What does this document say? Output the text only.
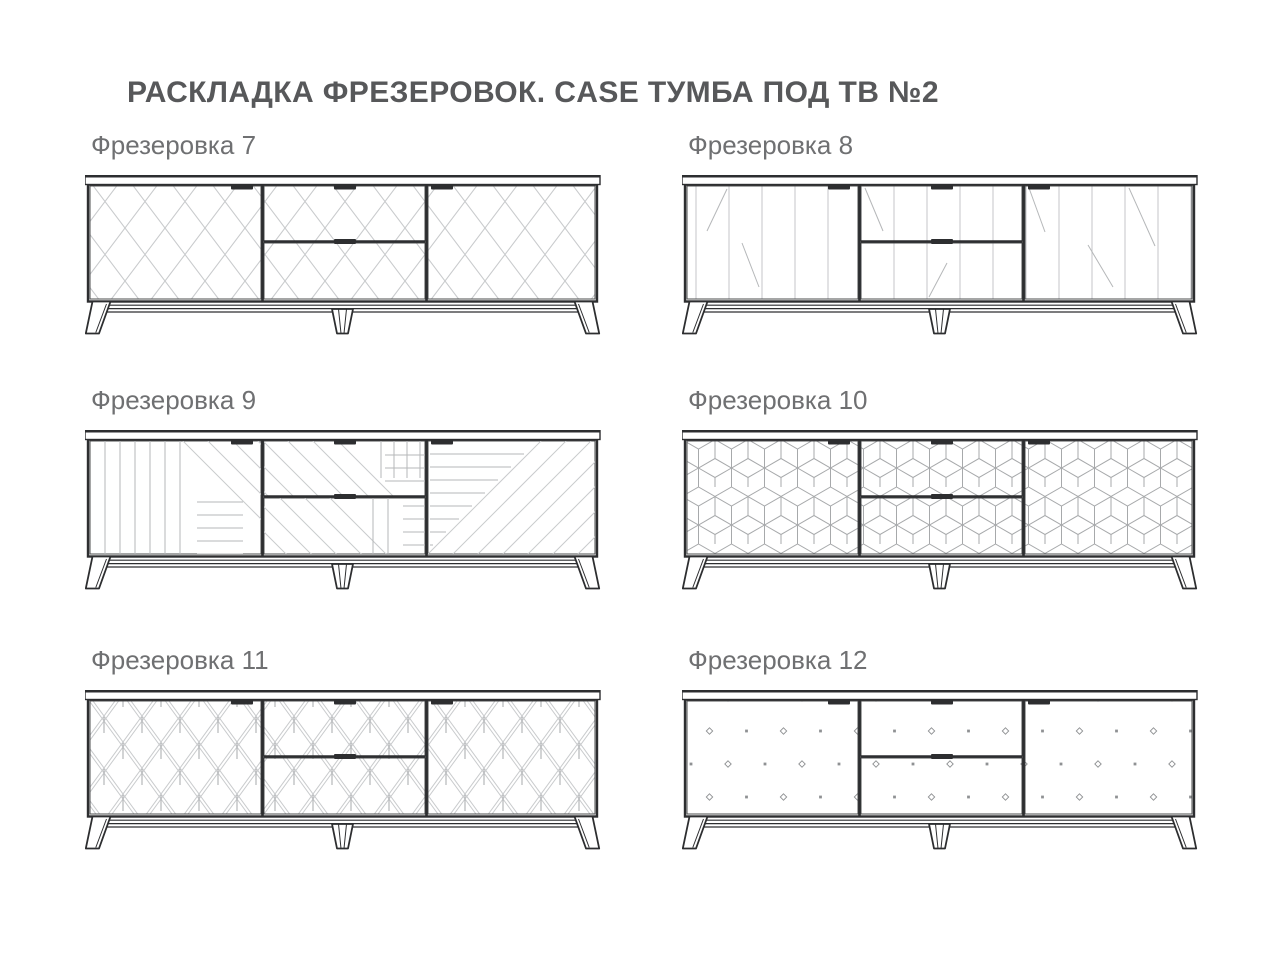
РАСКЛАДКА ФРЕЗЕРОВОК. CASE ТУМБА ПОД ТВ №2
Фрезеровка 7	Фрезеровка 8
Фрезеровка 9	Фрезеровка 10
Фрезеровка 11	Фрезеровка 12
